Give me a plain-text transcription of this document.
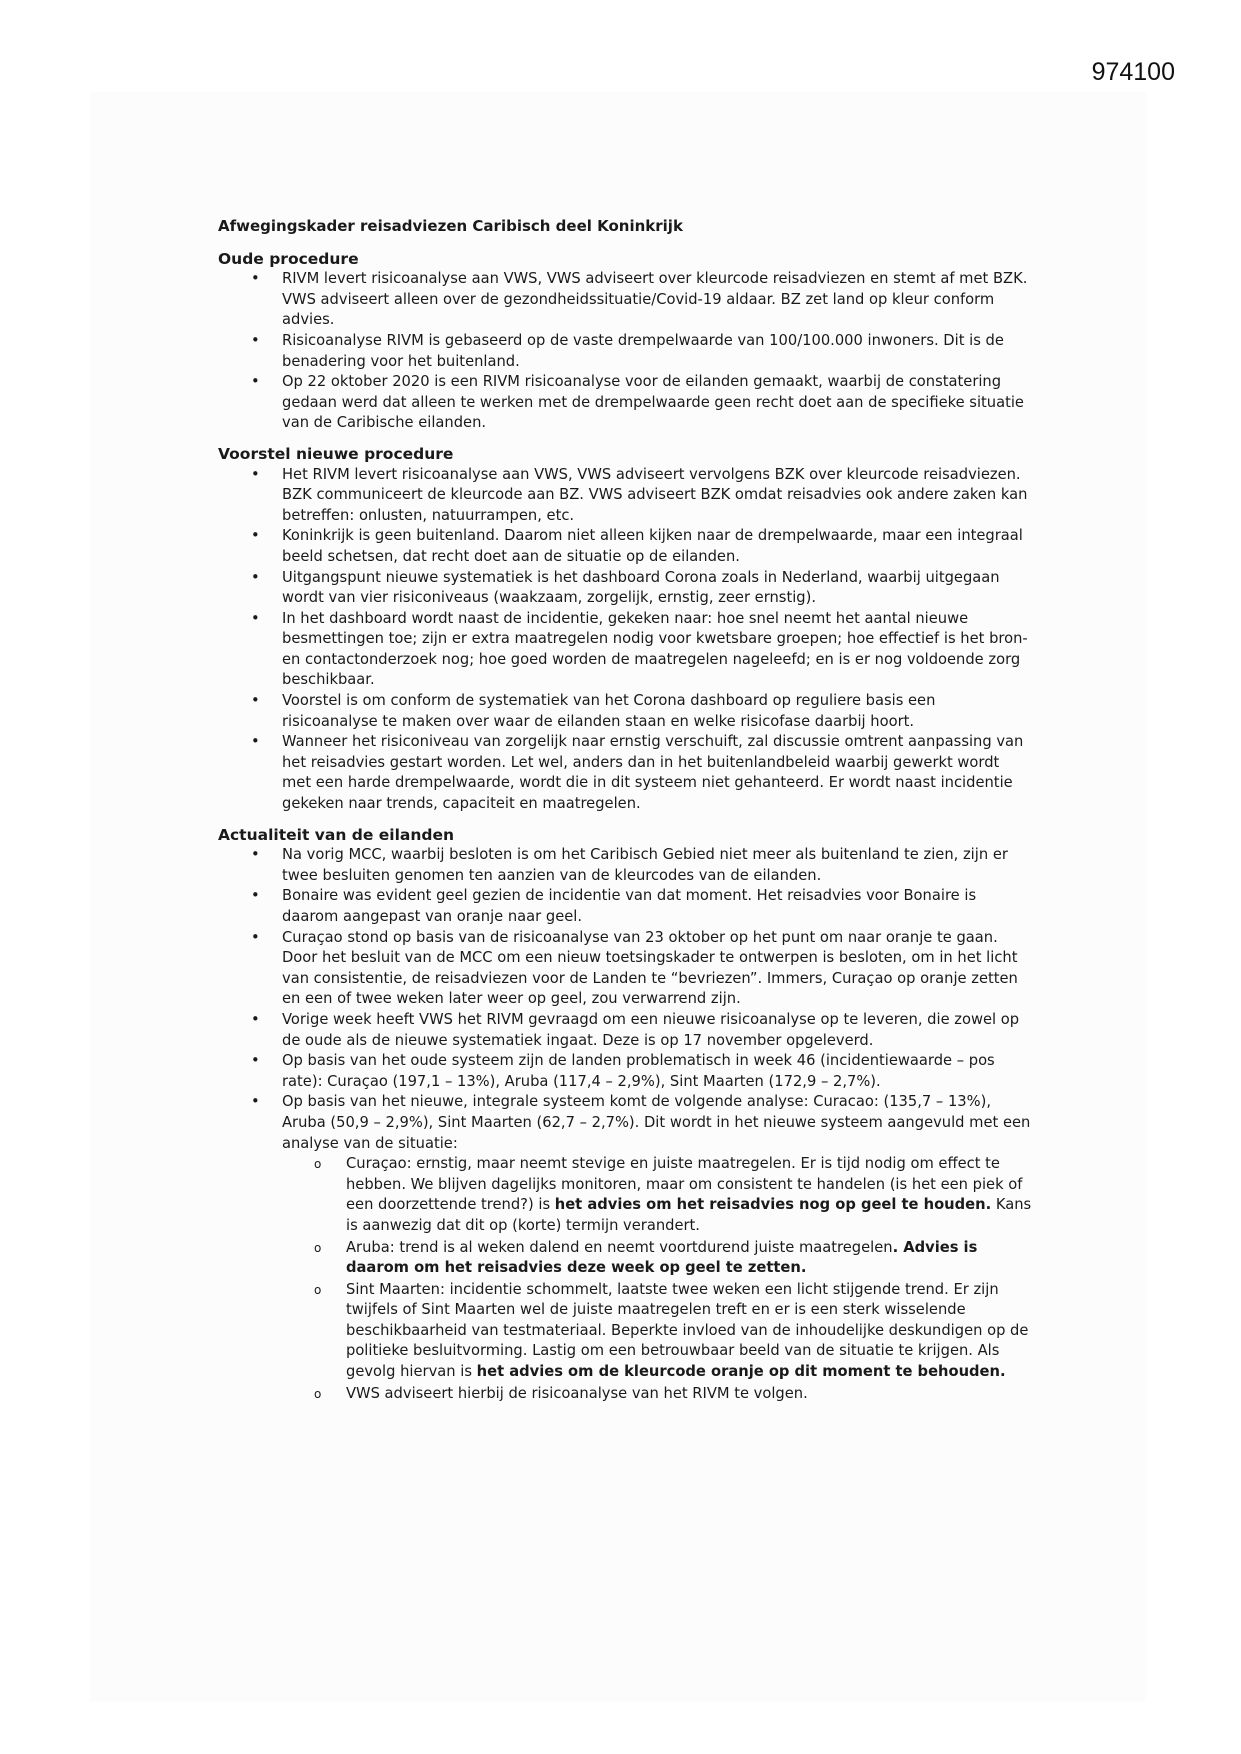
974100

Afwegingskader reisadviezen Caribisch deel Koninkrijk

Oude procedure

• RIVM levert risicoanalyse aan VWS, VWS adviseert over kleurcode reisadviezen en stemt af met BZK. VWS adviseert alleen over de gezondheidssituatie/Covid-19 aldaar. BZ zet land op kleur conform advies.
• Risicoanalyse RIVM is gebaseerd op de vaste drempelwaarde van 100/100.000 inwoners. Dit is de benadering voor het buitenland.
• Op 22 oktober 2020 is een RIVM risicoanalyse voor de eilanden gemaakt, waarbij de constatering gedaan werd dat alleen te werken met de drempelwaarde geen recht doet aan de specifieke situatie van de Caribische eilanden.

Voorstel nieuwe procedure

• Het RIVM levert risicoanalyse aan VWS, VWS adviseert vervolgens BZK over kleurcode reisadviezen. BZK communiceert de kleurcode aan BZ. VWS adviseert BZK omdat reisadvies ook andere zaken kan betreffen: onlusten, natuurrampen, etc.
• Koninkrijk is geen buitenland. Daarom niet alleen kijken naar de drempelwaarde, maar een integraal beeld schetsen, dat recht doet aan de situatie op de eilanden.
• Uitgangspunt nieuwe systematiek is het dashboard Corona zoals in Nederland, waarbij uitgegaan wordt van vier risiconiveaus (waakzaam, zorgelijk, ernstig, zeer ernstig).
• In het dashboard wordt naast de incidentie, gekeken naar: hoe snel neemt het aantal nieuwe besmettingen toe; zijn er extra maatregelen nodig voor kwetsbare groepen; hoe effectief is het bron- en contactonderzoek nog; hoe goed worden de maatregelen nageleefd; en is er nog voldoende zorg beschikbaar.
• Voorstel is om conform de systematiek van het Corona dashboard op reguliere basis een risicoanalyse te maken over waar de eilanden staan en welke risicofase daarbij hoort.
• Wanneer het risiconiveau van zorgelijk naar ernstig verschuift, zal discussie omtrent aanpassing van het reisadvies gestart worden. Let wel, anders dan in het buitenlandbeleid waarbij gewerkt wordt met een harde drempelwaarde, wordt die in dit systeem niet gehanteerd. Er wordt naast incidentie gekeken naar trends, capaciteit en maatregelen.

Actualiteit van de eilanden

• Na vorig MCC, waarbij besloten is om het Caribisch Gebied niet meer als buitenland te zien, zijn er twee besluiten genomen ten aanzien van de kleurcodes van de eilanden.
• Bonaire was evident geel gezien de incidentie van dat moment. Het reisadvies voor Bonaire is daarom aangepast van oranje naar geel.
• Curaçao stond op basis van de risicoanalyse van 23 oktober op het punt om naar oranje te gaan. Door het besluit van de MCC om een nieuw toetsingskader te ontwerpen is besloten, om in het licht van consistentie, de reisadviezen voor de Landen te “bevriezen”. Immers, Curaçao op oranje zetten en een of twee weken later weer op geel, zou verwarrend zijn.
• Vorige week heeft VWS het RIVM gevraagd om een nieuwe risicoanalyse op te leveren, die zowel op de oude als de nieuwe systematiek ingaat. Deze is op 17 november opgeleverd.
• Op basis van het oude systeem zijn de landen problematisch in week 46 (incidentiewaarde – pos rate): Curaçao (197,1 – 13%), Aruba (117,4 – 2,9%), Sint Maarten (172,9 – 2,7%).
• Op basis van het nieuwe, integrale systeem komt de volgende analyse: Curacao: (135,7 – 13%), Aruba (50,9 – 2,9%), Sint Maarten (62,7 – 2,7%). Dit wordt in het nieuwe systeem aangevuld met een analyse van de situatie:
o Curaçao: ernstig, maar neemt stevige en juiste maatregelen. Er is tijd nodig om effect te hebben. We blijven dagelijks monitoren, maar om consistent te handelen (is het een piek of een doorzettende trend?) is het advies om het reisadvies nog op geel te houden. Kans is aanwezig dat dit op (korte) termijn verandert.
o Aruba: trend is al weken dalend en neemt voortdurend juiste maatregelen. Advies is daarom om het reisadvies deze week op geel te zetten.
o Sint Maarten: incidentie schommelt, laatste twee weken een licht stijgende trend. Er zijn twijfels of Sint Maarten wel de juiste maatregelen treft en er is een sterk wisselende beschikbaarheid van testmateriaal. Beperkte invloed van de inhoudelijke deskundigen op de politieke besluitvorming. Lastig om een betrouwbaar beeld van de situatie te krijgen. Als gevolg hiervan is het advies om de kleurcode oranje op dit moment te behouden.
o VWS adviseert hierbij de risicoanalyse van het RIVM te volgen.
